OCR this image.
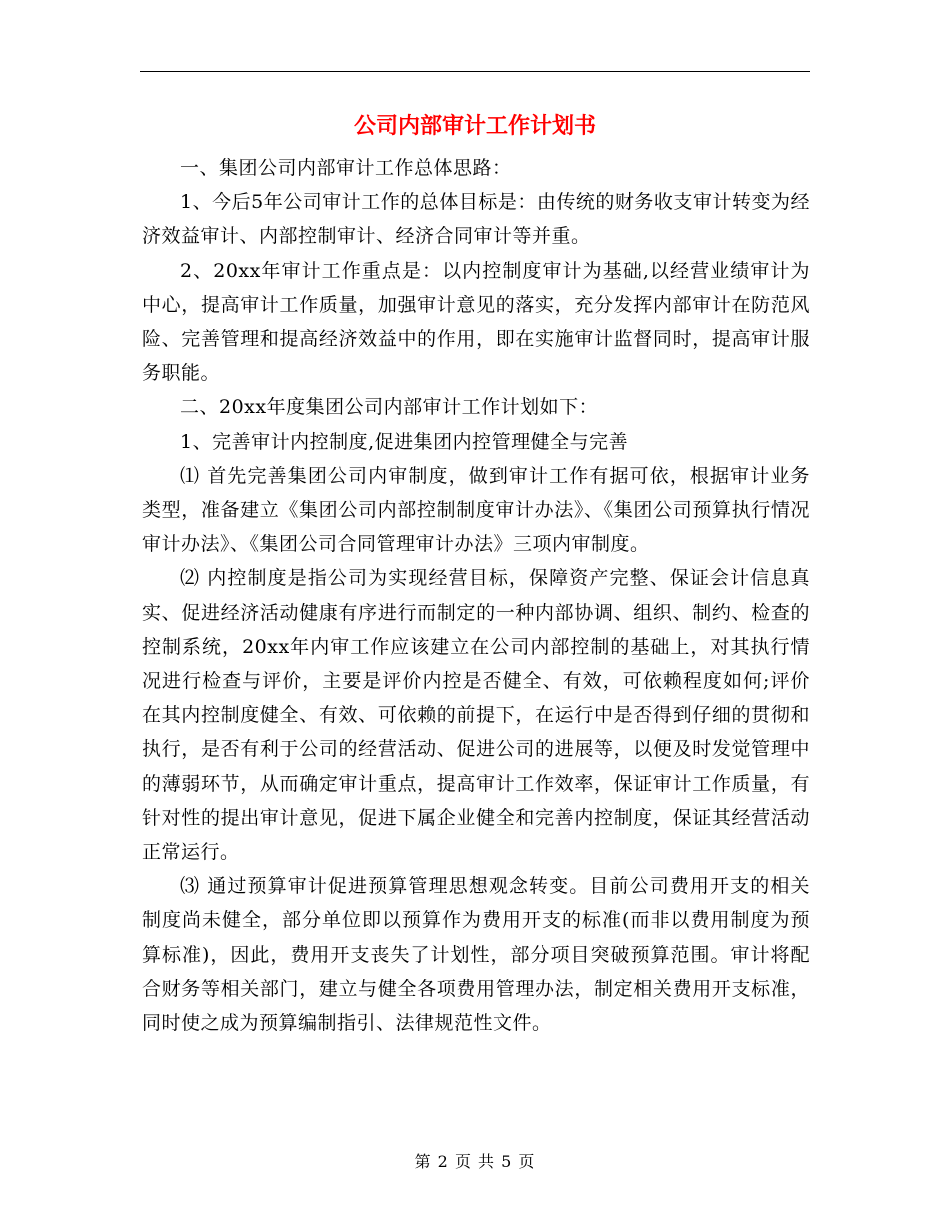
公司内部审计工作计划书

一、集团公司内部审计工作总体思路：

1、今后5年公司审计工作的总体目标是：由传统的财务收支审计转变为经济效益审计、内部控制审计、经济合同审计等并重。

2、20xx年审计工作重点是：以内控制度审计为基础,以经营业绩审计为中心，提高审计工作质量，加强审计意见的落实，充分发挥内部审计在防范风险、完善管理和提高经济效益中的作用，即在实施审计监督同时，提高审计服务职能。

二、20xx年度集团公司内部审计工作计划如下：

1、完善审计内控制度,促进集团内控管理健全与完善

⑴ 首先完善集团公司内审制度，做到审计工作有据可依，根据审计业务类型，准备建立《集团公司内部控制制度审计办法》、《集团公司预算执行情况审计办法》、《集团公司合同管理审计办法》三项内审制度。

⑵ 内控制度是指公司为实现经营目标，保障资产完整、保证会计信息真实、促进经济活动健康有序进行而制定的一种内部协调、组织、制约、检查的控制系统，20xx年内审工作应该建立在公司内部控制的基础上，对其执行情况进行检查与评价，主要是评价内控是否健全、有效，可依赖程度如何;评价在其内控制度健全、有效、可依赖的前提下，在运行中是否得到仔细的贯彻和执行，是否有利于公司的经营活动、促进公司的进展等，以便及时发觉管理中的薄弱环节，从而确定审计重点，提高审计工作效率，保证审计工作质量，有针对性的提出审计意见，促进下属企业健全和完善内控制度，保证其经营活动正常运行。

⑶ 通过预算审计促进预算管理思想观念转变。目前公司费用开支的相关制度尚未健全，部分单位即以预算作为费用开支的标准(而非以费用制度为预算标准)，因此，费用开支丧失了计划性，部分项目突破预算范围。审计将配合财务等相关部门，建立与健全各项费用管理办法，制定相关费用开支标准，同时使之成为预算编制指引、法律规范性文件。

第 2 页 共 5 页
